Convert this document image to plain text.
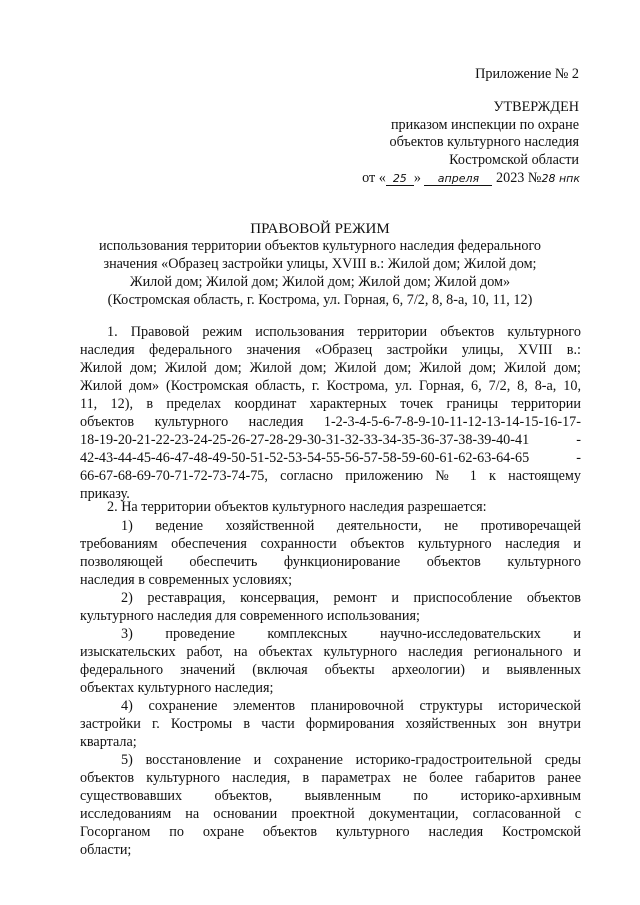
Приложение № 2
УТВЕРЖДЕН
приказом инспекции по охране
объектов культурного наследия
Костромской области
от « 25 » апреля 2023 №28 нпк
ПРАВОВОЙ РЕЖИМ
использования территории объектов культурного наследия федерального
значения «Образец застройки улицы, XVIII в.: Жилой дом; Жилой дом;
Жилой дом; Жилой дом; Жилой дом; Жилой дом; Жилой дом»
(Костромская область, г. Кострома, ул. Горная, 6, 7/2, 8, 8-а, 10, 11, 12)
1. Правовой режим использования территории объектов культурного
наследия федерального значения «Образец застройки улицы, XVIII в.:
Жилой дом; Жилой дом; Жилой дом; Жилой дом; Жилой дом; Жилой дом;
Жилой дом» (Костромская область, г. Кострома, ул. Горная, 6, 7/2, 8, 8-а, 10,
11, 12), в пределах координат характерных точек границы территории
объектов культурного наследия 1-2-3-4-5-6-7-8-9-10-11-12-13-14-15-16-17-
18-19-20-21-22-23-24-25-26-27-28-29-30-31-32-33-34-35-36-37-38-39-40-41 -
42-43-44-45-46-47-48-49-50-51-52-53-54-55-56-57-58-59-60-61-62-63-64-65 -
66-67-68-69-70-71-72-73-74-75, согласно приложению № 1 к настоящему
приказу.
2. На территории объектов культурного наследия разрешается:
1) ведение хозяйственной деятельности, не противоречащей
требованиям обеспечения сохранности объектов культурного наследия и
позволяющей обеспечить функционирование объектов культурного
наследия в современных условиях;
2) реставрация, консервация, ремонт и приспособление объектов
культурного наследия для современного использования;
3) проведение комплексных научно-исследовательских и
изыскательских работ, на объектах культурного наследия регионального и
федерального значений (включая объекты археологии) и выявленных
объектах культурного наследия;
4) сохранение элементов планировочной структуры исторической
застройки г. Костромы в части формирования хозяйственных зон внутри
квартала;
5) восстановление и сохранение историко-градостроительной среды
объектов культурного наследия, в параметрах не более габаритов ранее
существовавших объектов, выявленным по историко-архивным
исследованиям на основании проектной документации, согласованной с
Госорганом по охране объектов культурного наследия Костромской
области;
